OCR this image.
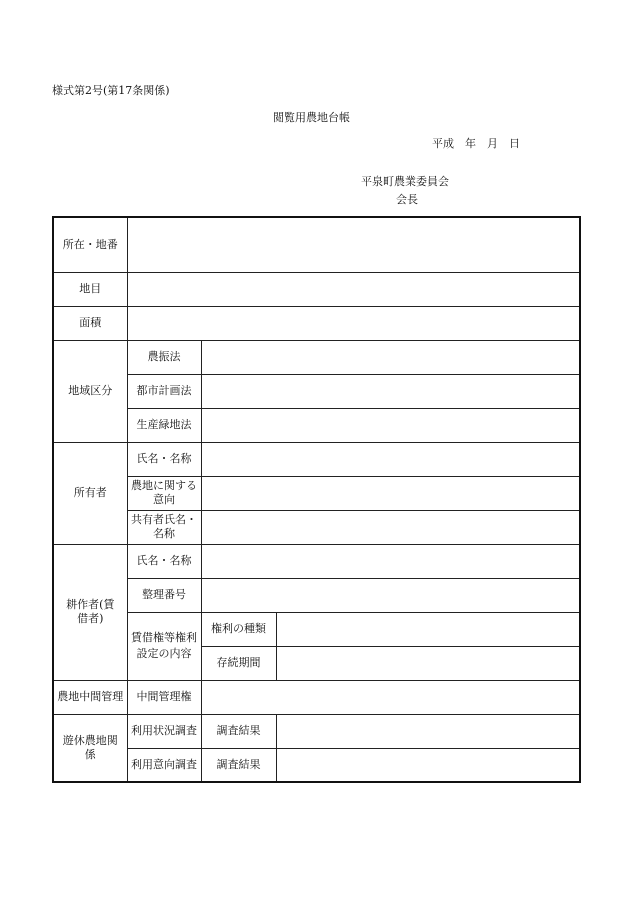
様式第2号(第17条関係)
閲覧用農地台帳
平成　年　月　日
平泉町農業委員会
会長
所在・地番			
地目			
面積			
地域区分	農振法		
	都市計画法		
	生産緑地法		
所有者	氏名・名称		
	農地に関する意向		
	共有者氏名・名称		
耕作者(賃借者)	氏名・名称		
	整理番号		
	賃借権等権利設定の内容	権利の種類	
		存続期間	
農地中間管理	中間管理権		
遊休農地関係	利用状況調査	調査結果	
	利用意向調査	調査結果	
